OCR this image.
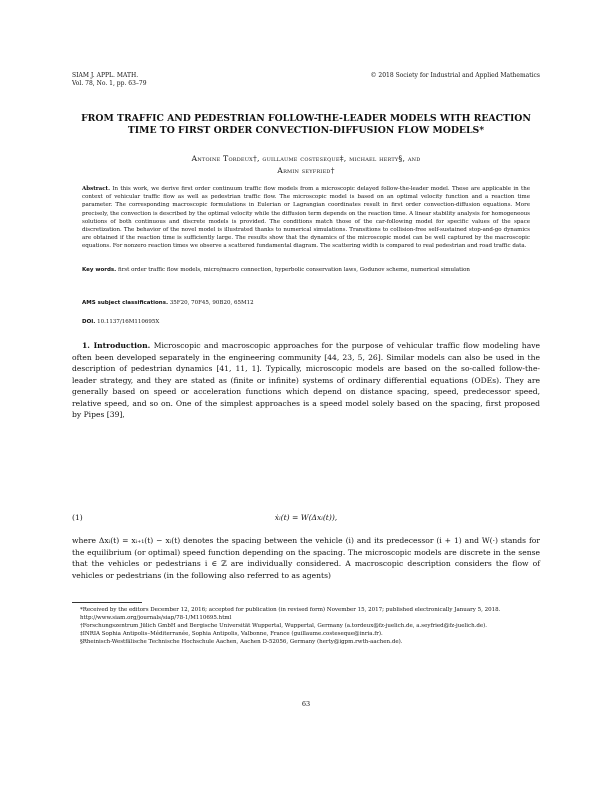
SIAM J. APPL. MATH.
Vol. 78, No. 1, pp. 63–79
© 2018 Society for Industrial and Applied Mathematics
FROM TRAFFIC AND PEDESTRIAN FOLLOW-THE-LEADER MODELS WITH REACTION TIME TO FIRST ORDER CONVECTION-DIFFUSION FLOW MODELS*
Antoine Tordeux†, guillaume costeseque‡, michael herty§, and
Armin seyfried†

Abstract. In this work, we derive first order continuum traffic flow models from a microscopic delayed follow-the-leader model. These are applicable in the context of vehicular traffic flow as well as pedestrian traffic flow. The microscopic model is based on an optimal velocity function and a reaction time parameter. The corresponding macroscopic formulations in Eulerian or Lagrangian coordinates result in first order convection-diffusion equations. More precisely, the convection is described by the optimal velocity while the diffusion term depends on the reaction time. A linear stability analysis for homogeneous solutions of both continuous and discrete models is provided. The conditions match those of the car-following model for specific values of the space discretization. The behavior of the novel model is illustrated thanks to numerical simulations. Transitions to collision-free self-sustained stop-and-go dynamics are obtained if the reaction time is sufficiently large. The results show that the dynamics of the microscopic model can be well captured by the macroscopic equations. For nonzero reaction times we observe a scattered fundamental diagram. The scattering width is compared to real pedestrian and road traffic data.

Key words. first order traffic flow models, micro/macro connection, hyperbolic conservation laws, Godunov scheme, numerical simulation

AMS subject classifications. 35F20, 70F45, 90B20, 65M12

DOI. 10.1137/16M110695X

1. Introduction. Microscopic and macroscopic approaches for the purpose of vehicular traffic flow modeling have often been developed separately in the engineering community [44, 23, 5, 26]. Similar models can also be used in the description of pedestrian dynamics [41, 11, 1]. Typically, microscopic models are based on the so-called follow-the-leader strategy, and they are stated as (finite or infinite) systems of ordinary differential equations (ODEs). They are generally based on speed or acceleration functions which depend on distance spacing, speed, predecessor speed, relative speed, and so on. One of the simplest approaches is a speed model solely based on the spacing, first proposed by Pipes [39],

(1)	ẋᵢ(t) = W(Δxᵢ(t)),

where Δxᵢ(t) = xᵢ₊₁(t) − xᵢ(t) denotes the spacing between the vehicle (i) and its predecessor (i + 1) and W(·) stands for the equilibrium (or optimal) speed function depending on the spacing. The microscopic models are discrete in the sense that the vehicles or pedestrians i ∈ ℤ are individually considered. A macroscopic description considers the flow of vehicles or pedestrians (in the following also referred to as agents)

*Received by the editors December 12, 2016; accepted for publication (in revised form) November 15, 2017; published electronically January 5, 2018.

http://www.siam.org/journals/siap/78-1/M110695.html

†Forschungszentrum Jülich GmbH and Bergische Universität Wuppertal, Wuppertal, Germany (a.tordeux@fz-juelich.de, a.seyfried@fz-juelich.de).

‡INRIA Sophia Antipolis–Méditerranée, Sophia Antipolis, Valbonne, France (guillaume.costeseque@inria.fr).

§Rheinisch-Westfälische Technische Hochschule Aachen, Aachen D-52056, Germany (herty@igpm.rwth-aachen.de).

63
